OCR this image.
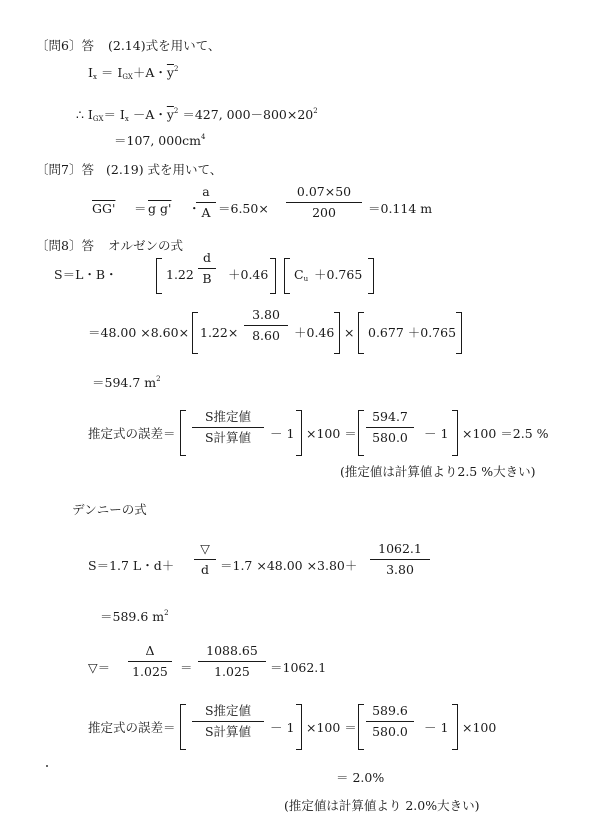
〔問6〕答 (2.14)式を用いて、
$I_x = I_{GX}+A$・$\overline{y}^2$
∴ $I_{GX}= I_x -A$・$\overline{y}^2 =427$, $000-800\times 20^2$
＝107, $000cm^4$
〔問7〕答 (2.19) 式を用いて、
GG' ＝ g g' ・
a
A ＝6.50×
0.07×50
200	＝0.114 m
〔問8〕答 オルゼンの式
S＝L・B・	1.22
d
B	＋0.46 $C_u +0.765$
＝48.00 ×8.60× 1.22×
3.80
8.60	＋0.46 × 0.677 ＋0.765
＝594.7 $m^2$
推定式の誤差＝
S推定値
S計算値	－ 1 ×100 ＝
594.7
580.0	－ 1 ×100 ＝2.5 %
(推定値は計算値より2.5 %大きい)
デンニーの式
S＝1.7 L・d＋
▽
d ＝1.7 ×48.00 ×3.80＋
1062.1
3.80
＝589.6 $m^2$
▽＝
Δ
1.025 ＝
1088.65
1.025	＝1062.1
推定式の誤差＝
S推定値
S計算値	－ 1 ×100 ＝
589.6
580.0	－ 1 ×100
＝ 2.0%
(推定値は計算値より 2.0%大きい)
